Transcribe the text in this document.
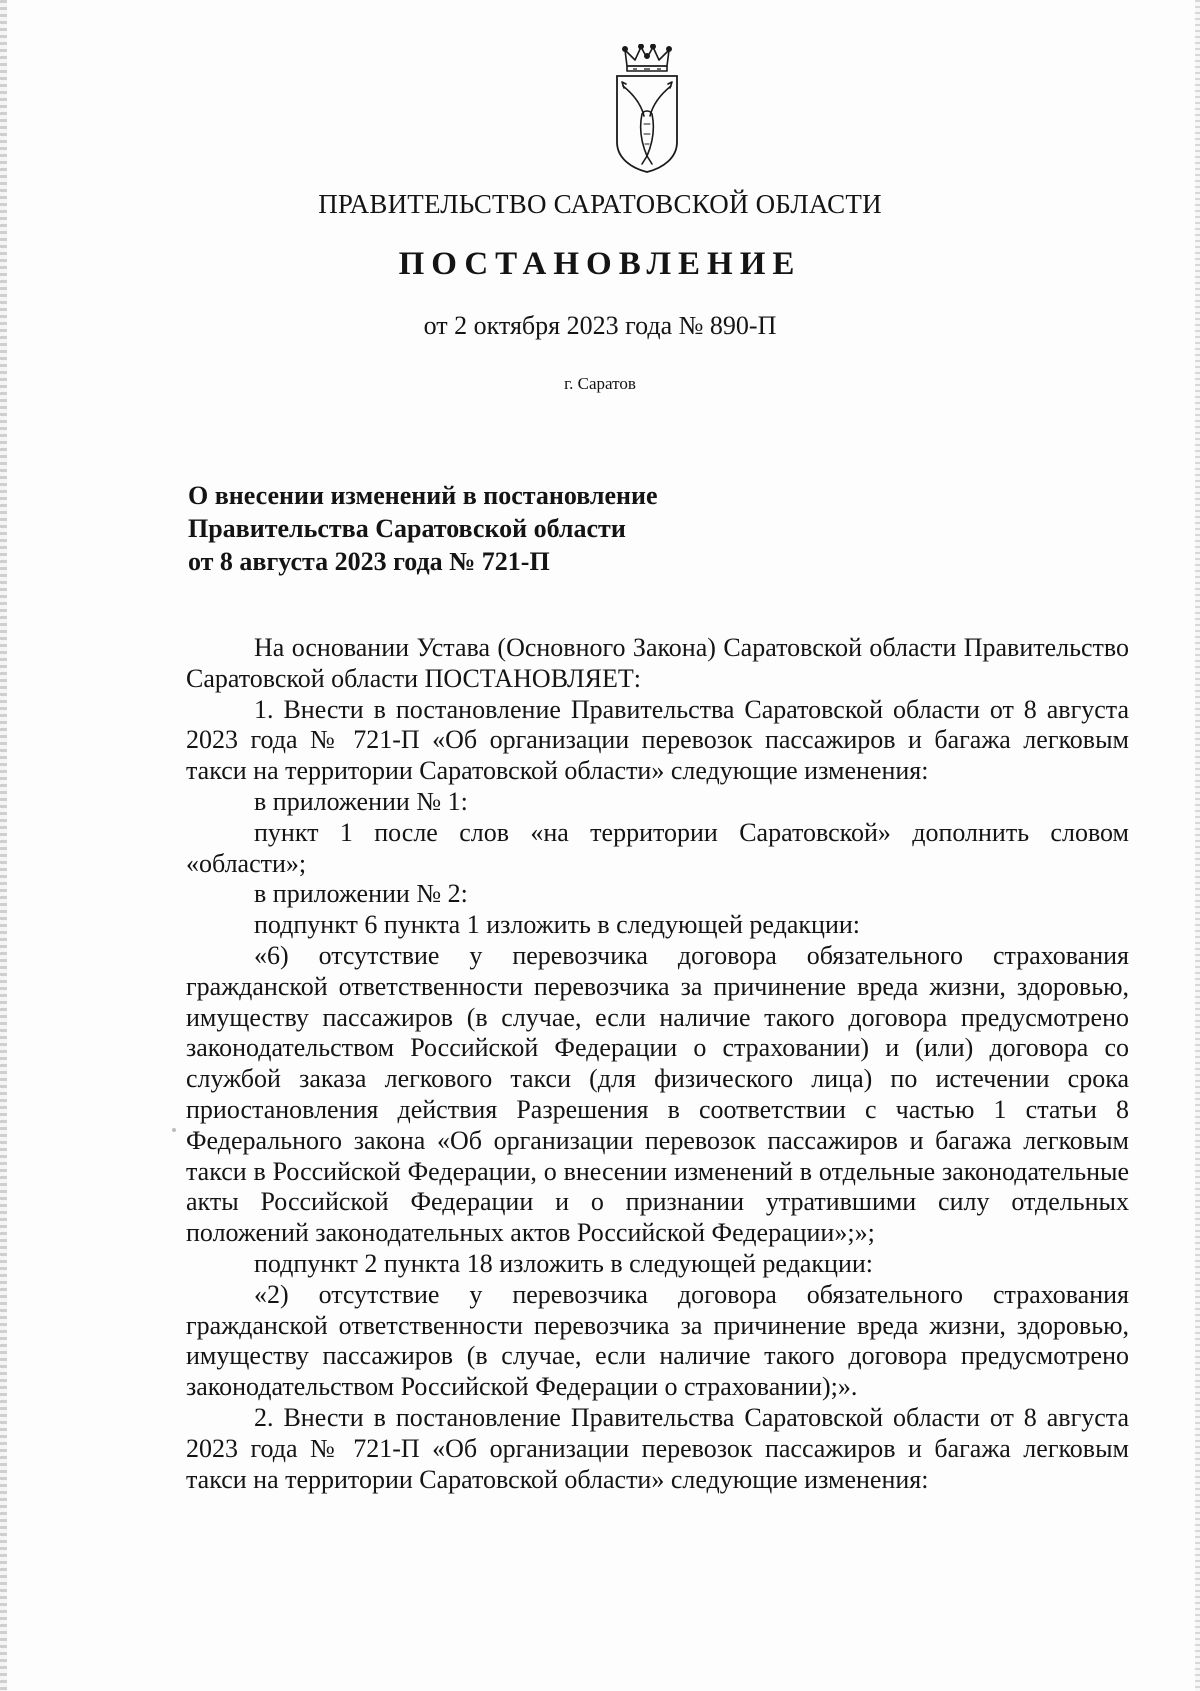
ПРАВИТЕЛЬСТВО САРАТОВСКОЙ ОБЛАСТИ
ПОСТАНОВЛЕНИЕ
от 2 октября 2023 года № 890-П
г. Саратов
О внесении изменений в постановление
Правительства Саратовской области
от 8 августа 2023 года № 721-П

На основании Устава (Основного Закона) Саратовской области Правительство Саратовской области ПОСТАНОВЛЯЕТ:

1. Внести в постановление Правительства Саратовской области от 8 августа 2023 года № 721-П «Об организации перевозок пассажиров и багажа легковым такси на территории Саратовской области» следующие изменения:

в приложении № 1:

пункт 1 после слов «на территории Саратовской» дополнить словом «области»;

в приложении № 2:

подпункт 6 пункта 1 изложить в следующей редакции:

«6) отсутствие у перевозчика договора обязательного страхования гражданской ответственности перевозчика за причинение вреда жизни, здоровью, имуществу пассажиров (в случае, если наличие такого договора предусмотрено законодательством Российской Федерации о страховании) и (или) договора со службой заказа легкового такси (для физического лица) по истечении срока приостановления действия Разрешения в соответствии с частью 1 статьи 8 Федерального закона «Об организации перевозок пассажиров и багажа легковым такси в Российской Федерации, о внесении изменений в отдельные законодательные акты Российской Федерации и о признании утратившими силу отдельных положений законодательных актов Российской Федерации»;»;

подпункт 2 пункта 18 изложить в следующей редакции:

«2) отсутствие у перевозчика договора обязательного страхования гражданской ответственности перевозчика за причинение вреда жизни, здоровью, имуществу пассажиров (в случае, если наличие такого договора предусмотрено законодательством Российской Федерации о страховании);».

2. Внести в постановление Правительства Саратовской области от 8 августа 2023 года № 721-П «Об организации перевозок пассажиров и багажа легковым такси на территории Саратовской области» следующие изменения:
